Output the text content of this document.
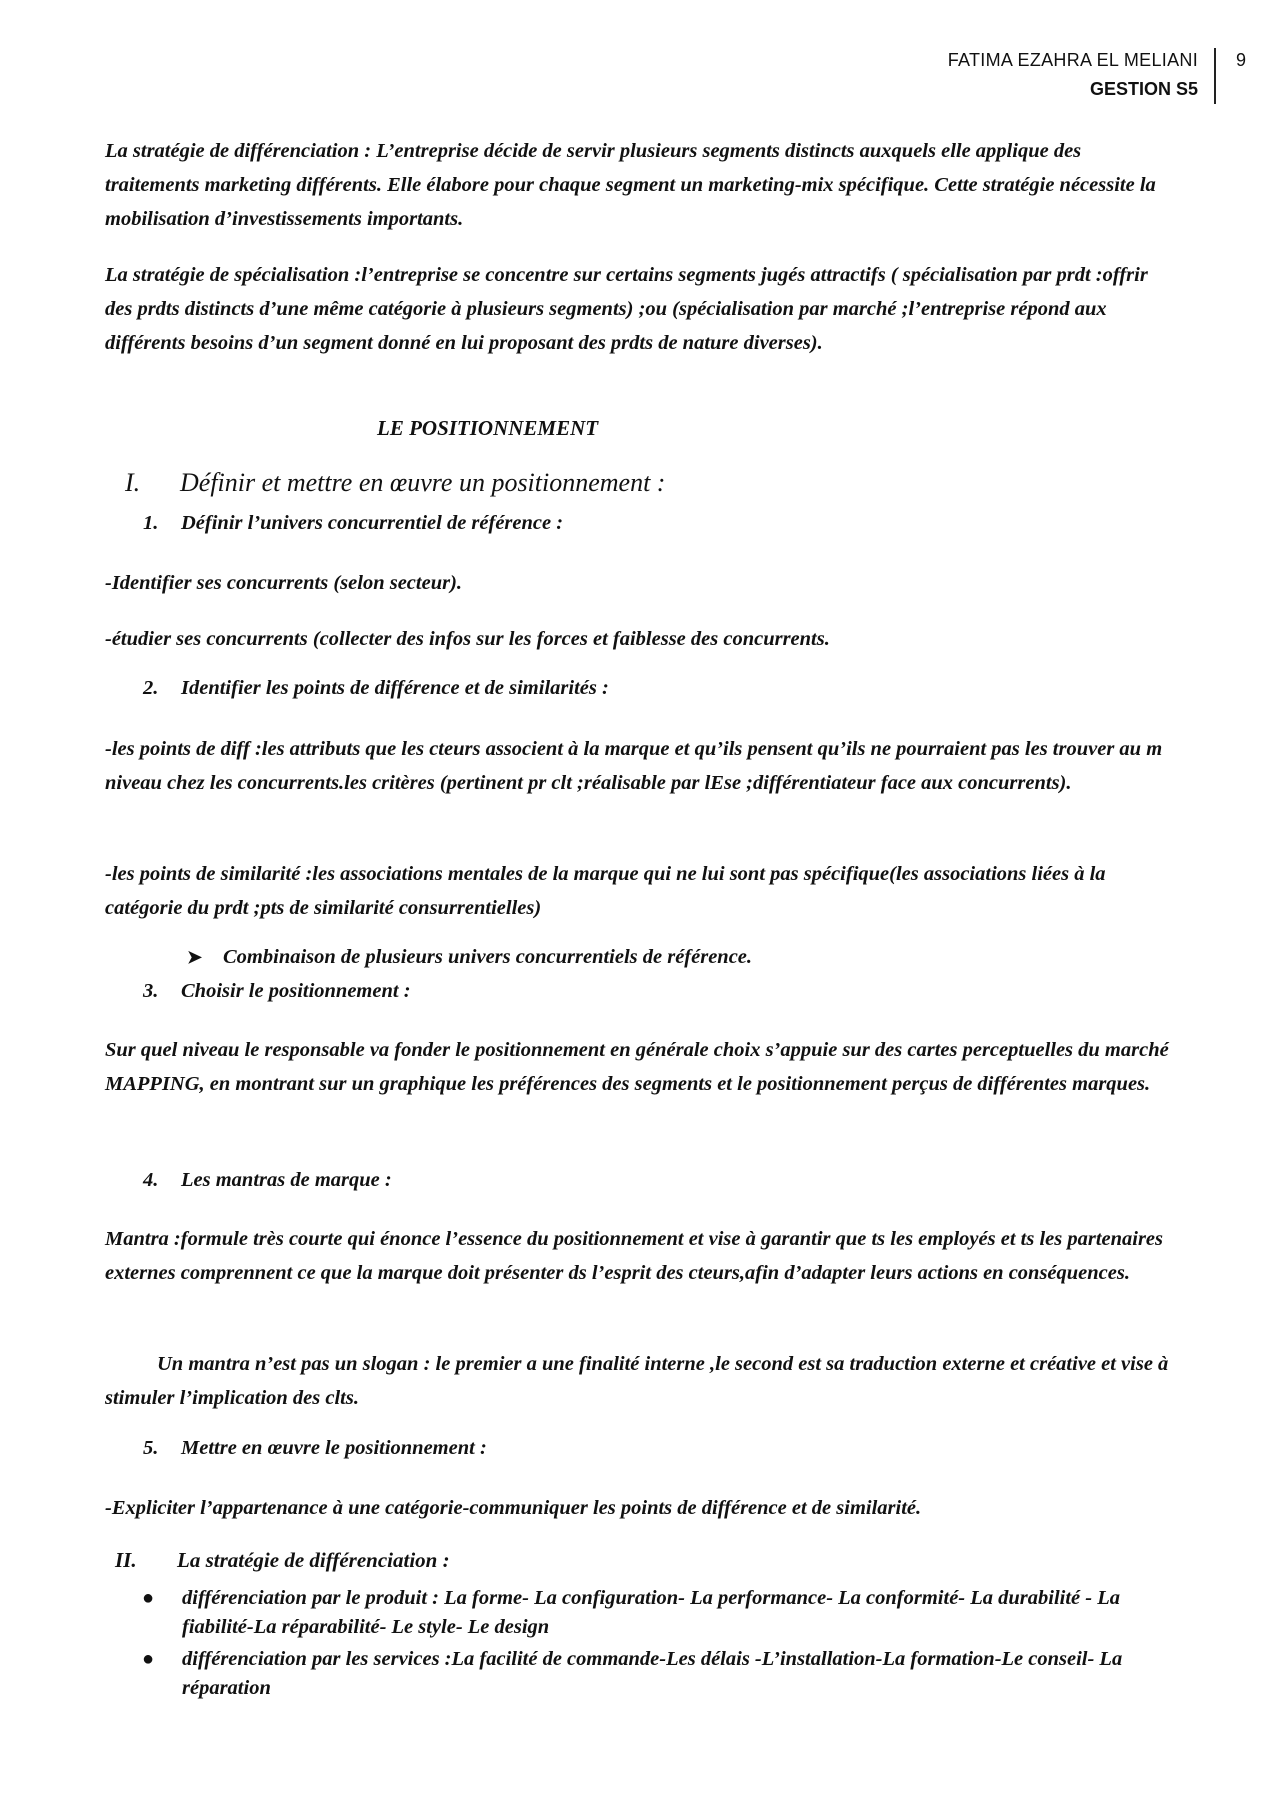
FATIMA EZAHRA EL MELIANI
GESTION S5
9

La stratégie de différenciation : L’entreprise décide de servir plusieurs segments distincts auxquels elle applique des traitements marketing différents. Elle élabore pour chaque segment un marketing-mix spécifique. Cette stratégie nécessite la mobilisation d’investissements importants.

La stratégie de spécialisation :l’entreprise se concentre sur certains segments jugés attractifs ( spécialisation par prdt :offrir des prdts distincts d’une même catégorie à plusieurs segments) ;ou (spécialisation par marché ;l’entreprise répond aux différents besoins d’un segment donné en lui proposant des prdts de nature diverses).

LE POSITIONNEMENT
I. Définir et mettre en œuvre un positionnement :
1. Définir l’univers concurrentiel de référence :

-Identifier ses concurrents (selon secteur).

-étudier ses concurrents (collecter des infos sur les forces et faiblesse des concurrents.

2. Identifier les points de différence et de similarités :

-les points de diff :les attributs que les cteurs associent à la marque et qu’ils pensent qu’ils ne pourraient pas les trouver au m niveau chez les concurrents.les critères (pertinent pr clt ;réalisable par lEse ;différentiateur face aux concurrents).

-les points de similarité :les associations mentales de la marque qui ne lui sont pas spécifique(les associations liées à la catégorie du prdt ;pts de similarité consurrentielles)

➤ Combinaison de plusieurs univers concurrentiels de référence.
3. Choisir le positionnement :

Sur quel niveau le responsable va fonder le positionnement en générale choix s’appuie sur des cartes perceptuelles du marché MAPPING, en montrant sur un graphique les préférences des segments et le positionnement perçus de différentes marques.

4. Les mantras de marque :

Mantra :formule très courte qui énonce l’essence du positionnement et vise à garantir que ts les employés et ts les partenaires externes comprennent ce que la marque doit présenter ds l’esprit des cteurs,afin d’adapter leurs actions en conséquences.

Un mantra n’est pas un slogan : le premier a une finalité interne ,le second est sa traduction externe et créative et vise à stimuler l’implication des clts.

5. Mettre en œuvre le positionnement :

-Expliciter l’appartenance à une catégorie-communiquer les points de différence et de similarité.

II. La stratégie de différenciation :
● différenciation par le produit : La forme- La configuration- La performance- La conformité- La durabilité - La fiabilité-La réparabilité- Le style- Le design
● différenciation par les services :La facilité de commande-Les délais -L’installation-La formation-Le conseil- La réparation
